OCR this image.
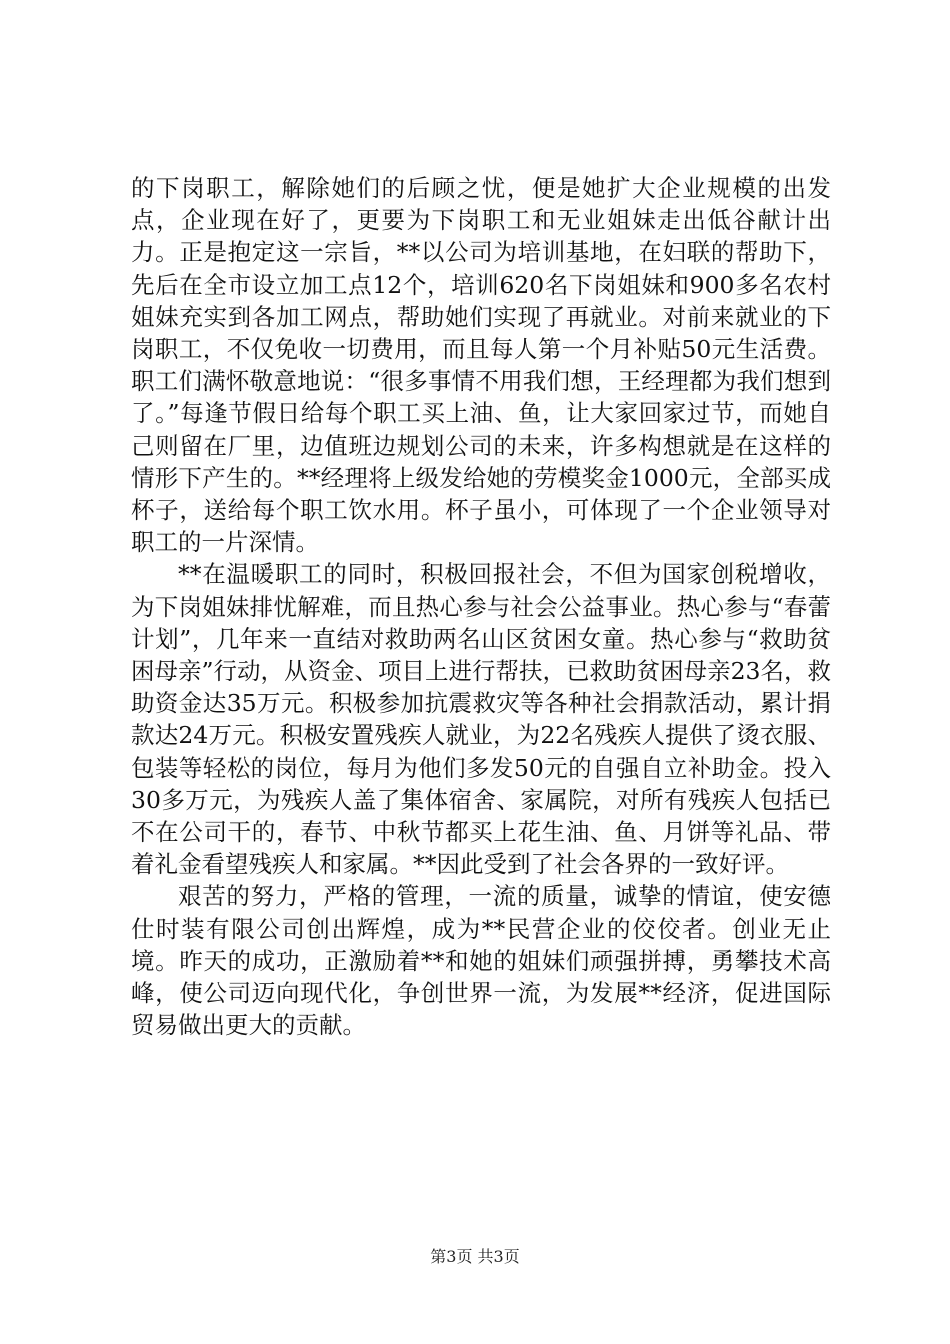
的下岗职工，解除她们的后顾之忧，便是她扩大企业规模的出发点，企业现在好了，更要为下岗职工和无业姐妹走出低谷献计出力。正是抱定这一宗旨，**以公司为培训基地，在妇联的帮助下，先后在全市设立加工点12个，培训620名下岗姐妹和900多名农村姐妹充实到各加工网点，帮助她们实现了再就业。对前来就业的下岗职工，不仅免收一切费用，而且每人第一个月补贴50元生活费。职工们满怀敬意地说：“很多事情不用我们想，王经理都为我们想到了。”每逢节假日给每个职工买上油、鱼，让大家回家过节，而她自己则留在厂里，边值班边规划公司的未来，许多构想就是在这样的情形下产生的。**经理将上级发给她的劳模奖金1000元，全部买成杯子，送给每个职工饮水用。杯子虽小，可体现了一个企业领导对职工的一片深情。

**在温暖职工的同时，积极回报社会，不但为国家创税增收，为下岗姐妹排忧解难，而且热心参与社会公益事业。热心参与“春蕾计划”，几年来一直结对救助两名山区贫困女童。热心参与“救助贫困母亲”行动，从资金、项目上进行帮扶，已救助贫困母亲23名，救助资金达35万元。积极参加抗震救灾等各种社会捐款活动，累计捐款达24万元。积极安置残疾人就业，为22名残疾人提供了烫衣服、包装等轻松的岗位，每月为他们多发50元的自强自立补助金。投入30多万元，为残疾人盖了集体宿舍、家属院，对所有残疾人包括已不在公司干的，春节、中秋节都买上花生油、鱼、月饼等礼品、带着礼金看望残疾人和家属。**因此受到了社会各界的一致好评。

艰苦的努力，严格的管理，一流的质量，诚挚的情谊，使安德仕时装有限公司创出辉煌，成为**民营企业的佼佼者。创业无止境。昨天的成功，正激励着**和她的姐妹们顽强拼搏，勇攀技术高峰，使公司迈向现代化，争创世界一流，为发展**经济，促进国际贸易做出更大的贡献。

第3页 共3页
